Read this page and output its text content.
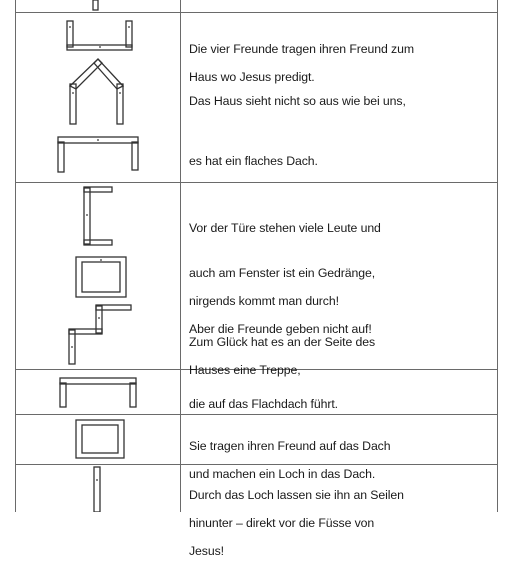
Die vier Freunde tragen ihren Freund zum

Haus wo Jesus predigt.

Das Haus sieht nicht so aus wie bei uns,

es hat ein flaches Dach.

Vor der Türe stehen viele Leute und

auch am Fenster ist ein Gedränge,

nirgends kommt man durch!

Aber die Freunde geben nicht auf!

Zum Glück hat es an der Seite des

Hauses eine Treppe,

die auf das Flachdach führt.

Sie tragen ihren Freund auf das Dach

und machen ein Loch in das Dach.

Durch das Loch lassen sie ihn an Seilen

hinunter – direkt vor die Füsse von

Jesus!
